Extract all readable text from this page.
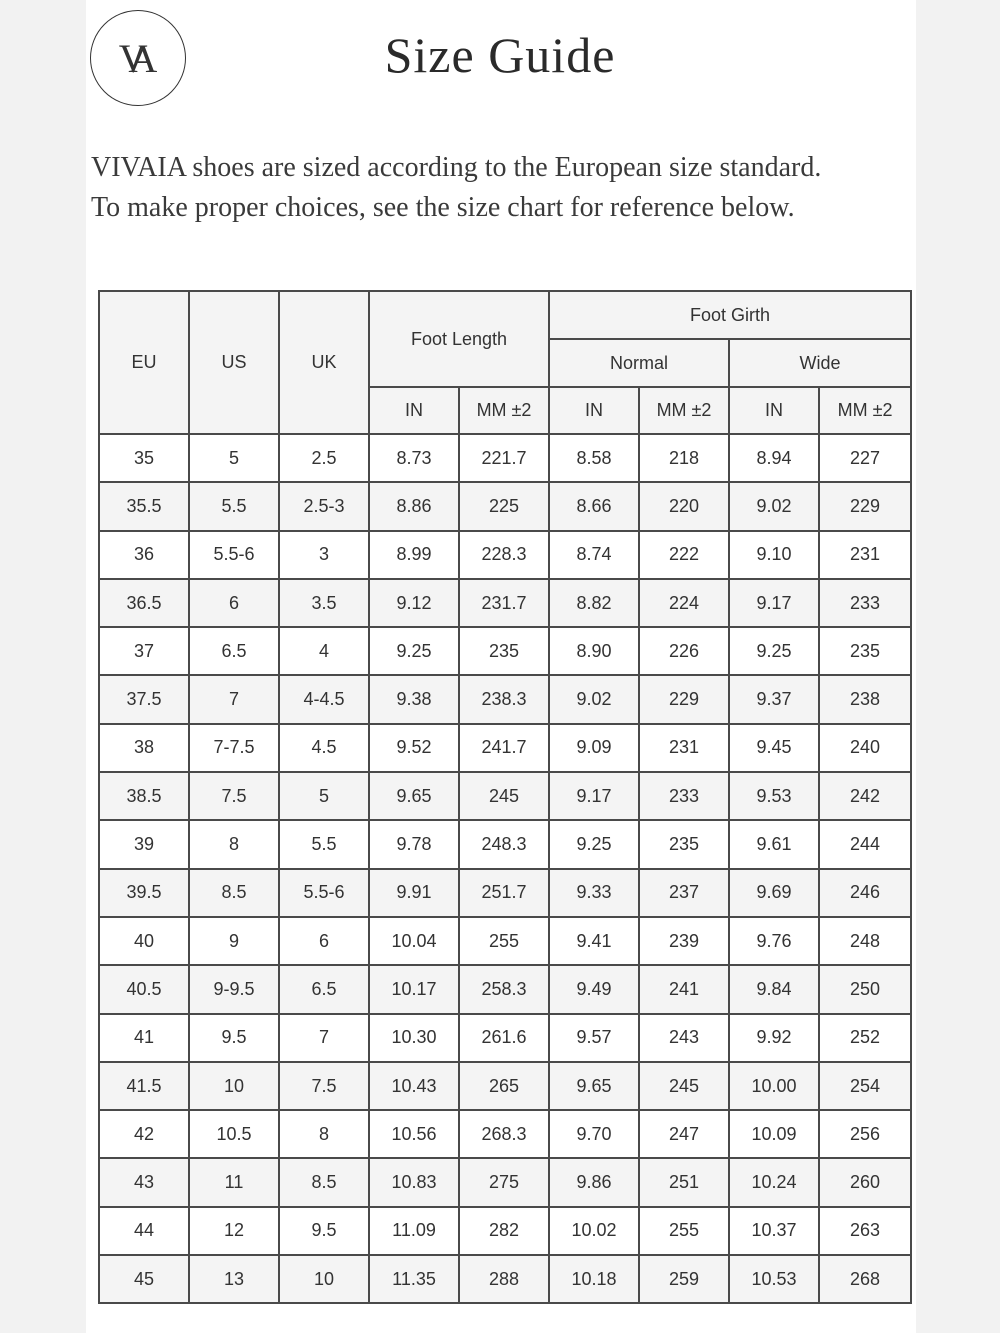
VA	Size Guide

VIVAIA shoes are sized according to the European size standard.

To make proper choices, see the size chart for reference below.

EU	US	UK	Foot Length		Foot Girth			
					Normal		Wide	
			IN	MM ±2	IN	MM ±2	IN	MM ±2
35	5	2.5	8.73	221.7	8.58	218	8.94	227
35.5	5.5	2.5-3	8.86	225	8.66	220	9.02	229
36	5.5-6	3	8.99	228.3	8.74	222	9.10	231
36.5	6	3.5	9.12	231.7	8.82	224	9.17	233
37	6.5	4	9.25	235	8.90	226	9.25	235
37.5	7	4-4.5	9.38	238.3	9.02	229	9.37	238
38	7-7.5	4.5	9.52	241.7	9.09	231	9.45	240
38.5	7.5	5	9.65	245	9.17	233	9.53	242
39	8	5.5	9.78	248.3	9.25	235	9.61	244
39.5	8.5	5.5-6	9.91	251.7	9.33	237	9.69	246
40	9	6	10.04	255	9.41	239	9.76	248
40.5	9-9.5	6.5	10.17	258.3	9.49	241	9.84	250
41	9.5	7	10.30	261.6	9.57	243	9.92	252
41.5	10	7.5	10.43	265	9.65	245	10.00	254
42	10.5	8	10.56	268.3	9.70	247	10.09	256
43	11	8.5	10.83	275	9.86	251	10.24	260
44	12	9.5	11.09	282	10.02	255	10.37	263
45	13	10	11.35	288	10.18	259	10.53	268
